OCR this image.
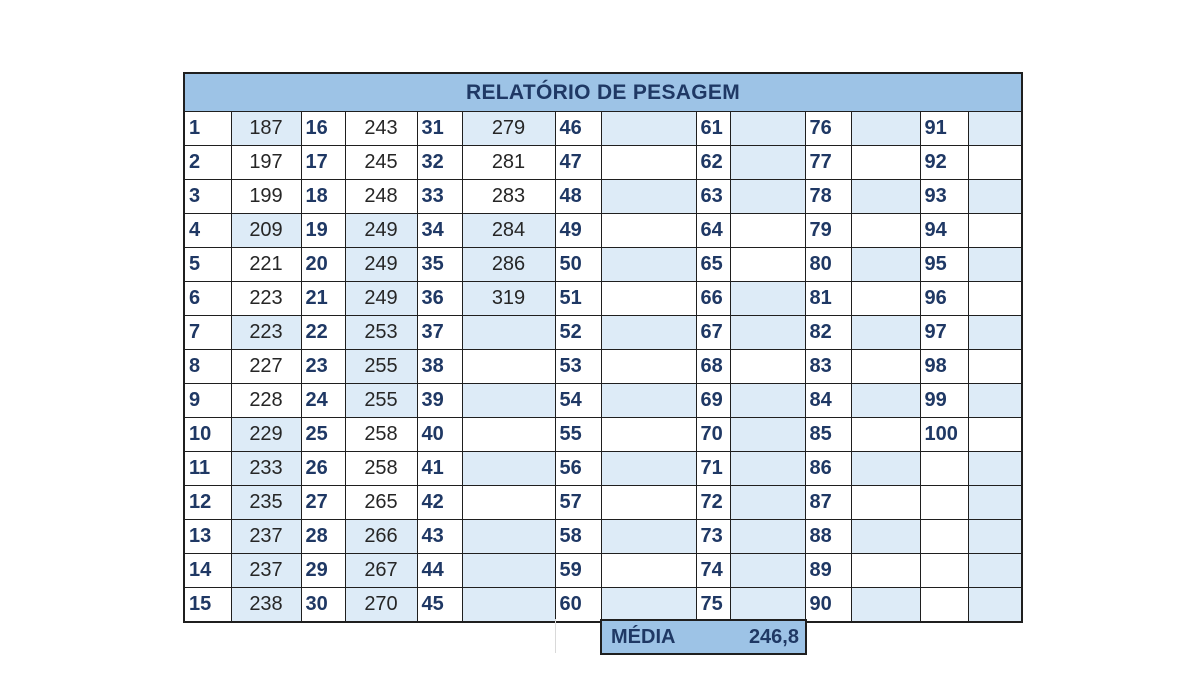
RELATÓRIO DE PESAGEM
1	187	16	243	31	279	46		61		76		91	
2	197	17	245	32	281	47		62		77		92	
3	199	18	248	33	283	48		63		78		93	
4	209	19	249	34	284	49		64		79		94	
5	221	20	249	35	286	50		65		80		95	
6	223	21	249	36	319	51		66		81		96	
7	223	22	253	37		52		67		82		97	
8	227	23	255	38		53		68		83		98	
9	228	24	255	39		54		69		84		99	
10	229	25	258	40		55		70		85		100	
11	233	26	258	41		56		71		86			
12	235	27	265	42		57		72		87			
13	237	28	266	43		58		73		88			
14	237	29	267	44		59		74		89			
15	238	30	270	45		60		75		90			
MÉDIA	246,8
